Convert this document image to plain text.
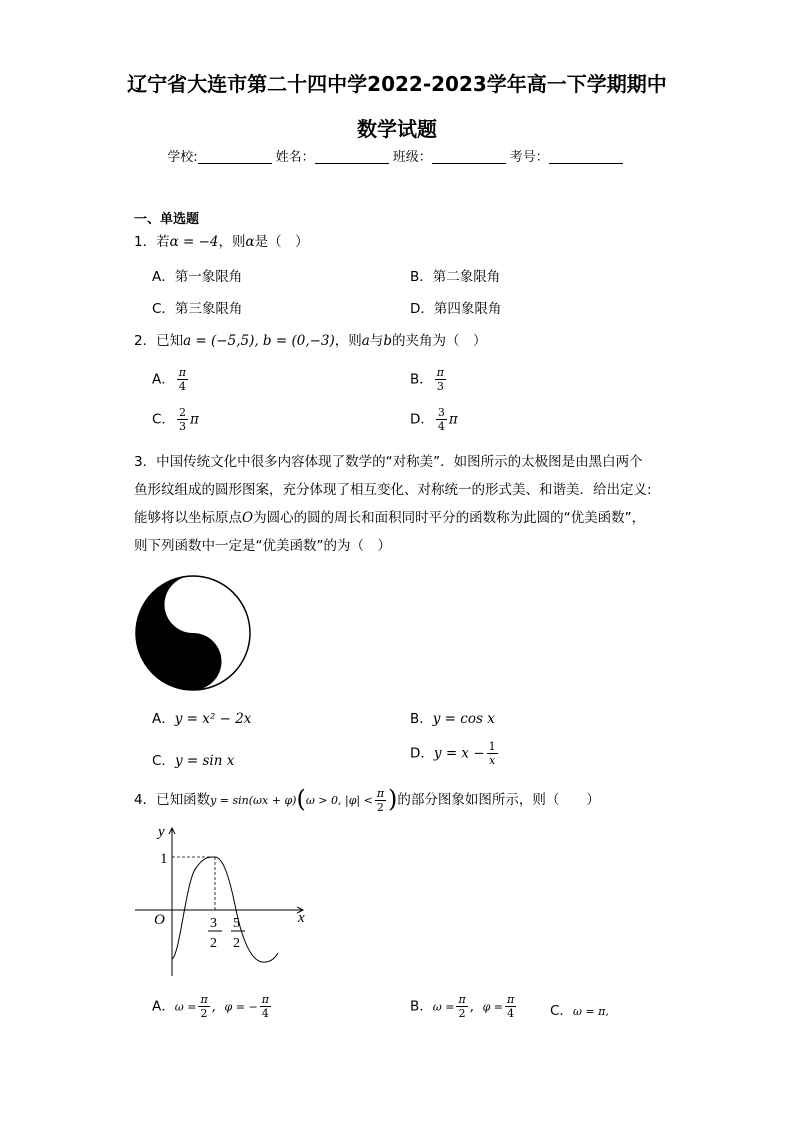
辽宁省大连市第二十四中学2022-2023学年高一下学期期中
数学试题
学校:	姓名：	班级：	考号：
一、单选题
1．若α = −4，则α是（　）
A．第一象限角	B．第二象限角
C．第三象限角	D．第四象限角
2．已知a = (−5,5), b = (0,−3)，则a与b的夹角为（　）
A． $\frac{\pi}{4}$	B． $\frac{\pi}{3}$
C． $\frac{2}{3}$ π	D． $\frac{3}{4}$ π
3．中国传统文化中很多内容体现了数学的“对称美”．如图所示的太极图是由黑白两个
鱼形纹组成的圆形图案，充分体现了相互变化、对称统一的形式美、和谐美．给出定义:
能够将以坐标原点O为圆心的圆的周长和面积同时平分的函数称为此圆的“优美函数”，
则下列函数中一定是“优美函数”的为（　）
A．y = x² − 2x	B．y = cos x
C．y = sin x	D．$y = x - \frac{1}{x}$
4．已知函数y = sin(ωx + φ)(ω > 0, $|\varphi| < \frac{\pi}{2}$ )的部分图象如图所示，则（　　）
y
x
O
1
3
2
5
2
A．$\omega = \frac{\pi}{2}$ ,  φ = − $\frac{\pi}{4}$	B．$\omega = \frac{\pi}{2}$ ,  $\varphi = \frac{\pi}{4}$	C．ω = π,
